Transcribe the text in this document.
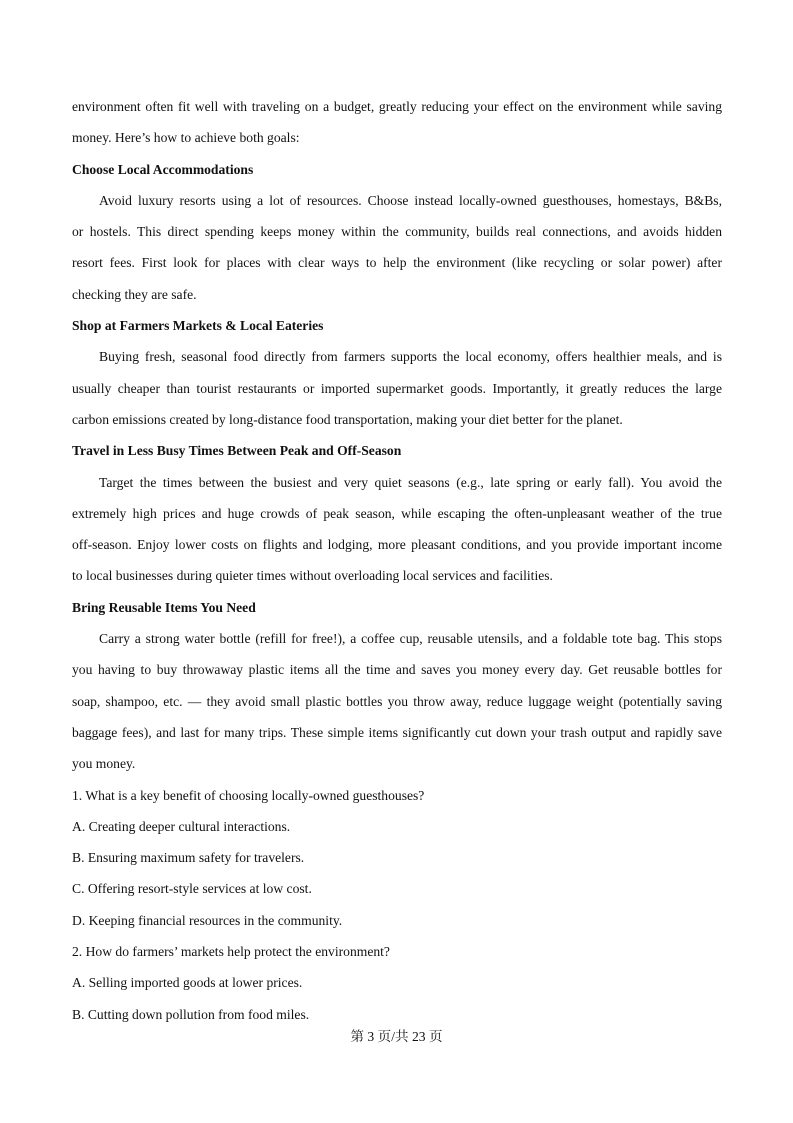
environment often fit well with traveling on a budget, greatly reducing your effect on the environment while saving
money. Here’s how to achieve both goals:
Choose Local Accommodations
Avoid luxury resorts using a lot of resources. Choose instead locally-owned guesthouses, homestays, B&Bs,
or hostels. This direct spending keeps money within the community, builds real connections, and avoids hidden
resort fees. First look for places with clear ways to help the environment (like recycling or solar power) after
checking they are safe.
Shop at Farmers Markets & Local Eateries
Buying fresh, seasonal food directly from farmers supports the local economy, offers healthier meals, and is
usually cheaper than tourist restaurants or imported supermarket goods. Importantly, it greatly reduces the large
carbon emissions created by long-distance food transportation, making your diet better for the planet.
Travel in Less Busy Times Between Peak and Off-Season
Target the times between the busiest and very quiet seasons (e.g., late spring or early fall). You avoid the
extremely high prices and huge crowds of peak season, while escaping the often-unpleasant weather of the true
off-season. Enjoy lower costs on flights and lodging, more pleasant conditions, and you provide important income
to local businesses during quieter times without overloading local services and facilities.
Bring Reusable Items You Need
Carry a strong water bottle (refill for free!), a coffee cup, reusable utensils, and a foldable tote bag. This stops
you having to buy throwaway plastic items all the time and saves you money every day. Get reusable bottles for
soap, shampoo, etc. — they avoid small plastic bottles you throw away, reduce luggage weight (potentially saving
baggage fees), and last for many trips. These simple items significantly cut down your trash output and rapidly save
you money.
1. What is a key benefit of choosing locally-owned guesthouses?
A. Creating deeper cultural interactions.
B. Ensuring maximum safety for travelers.
C. Offering resort-style services at low cost.
D. Keeping financial resources in the community.
2. How do farmers’ markets help protect the environment?
A. Selling imported goods at lower prices.
B. Cutting down pollution from food miles.
第 3 页/共 23 页
